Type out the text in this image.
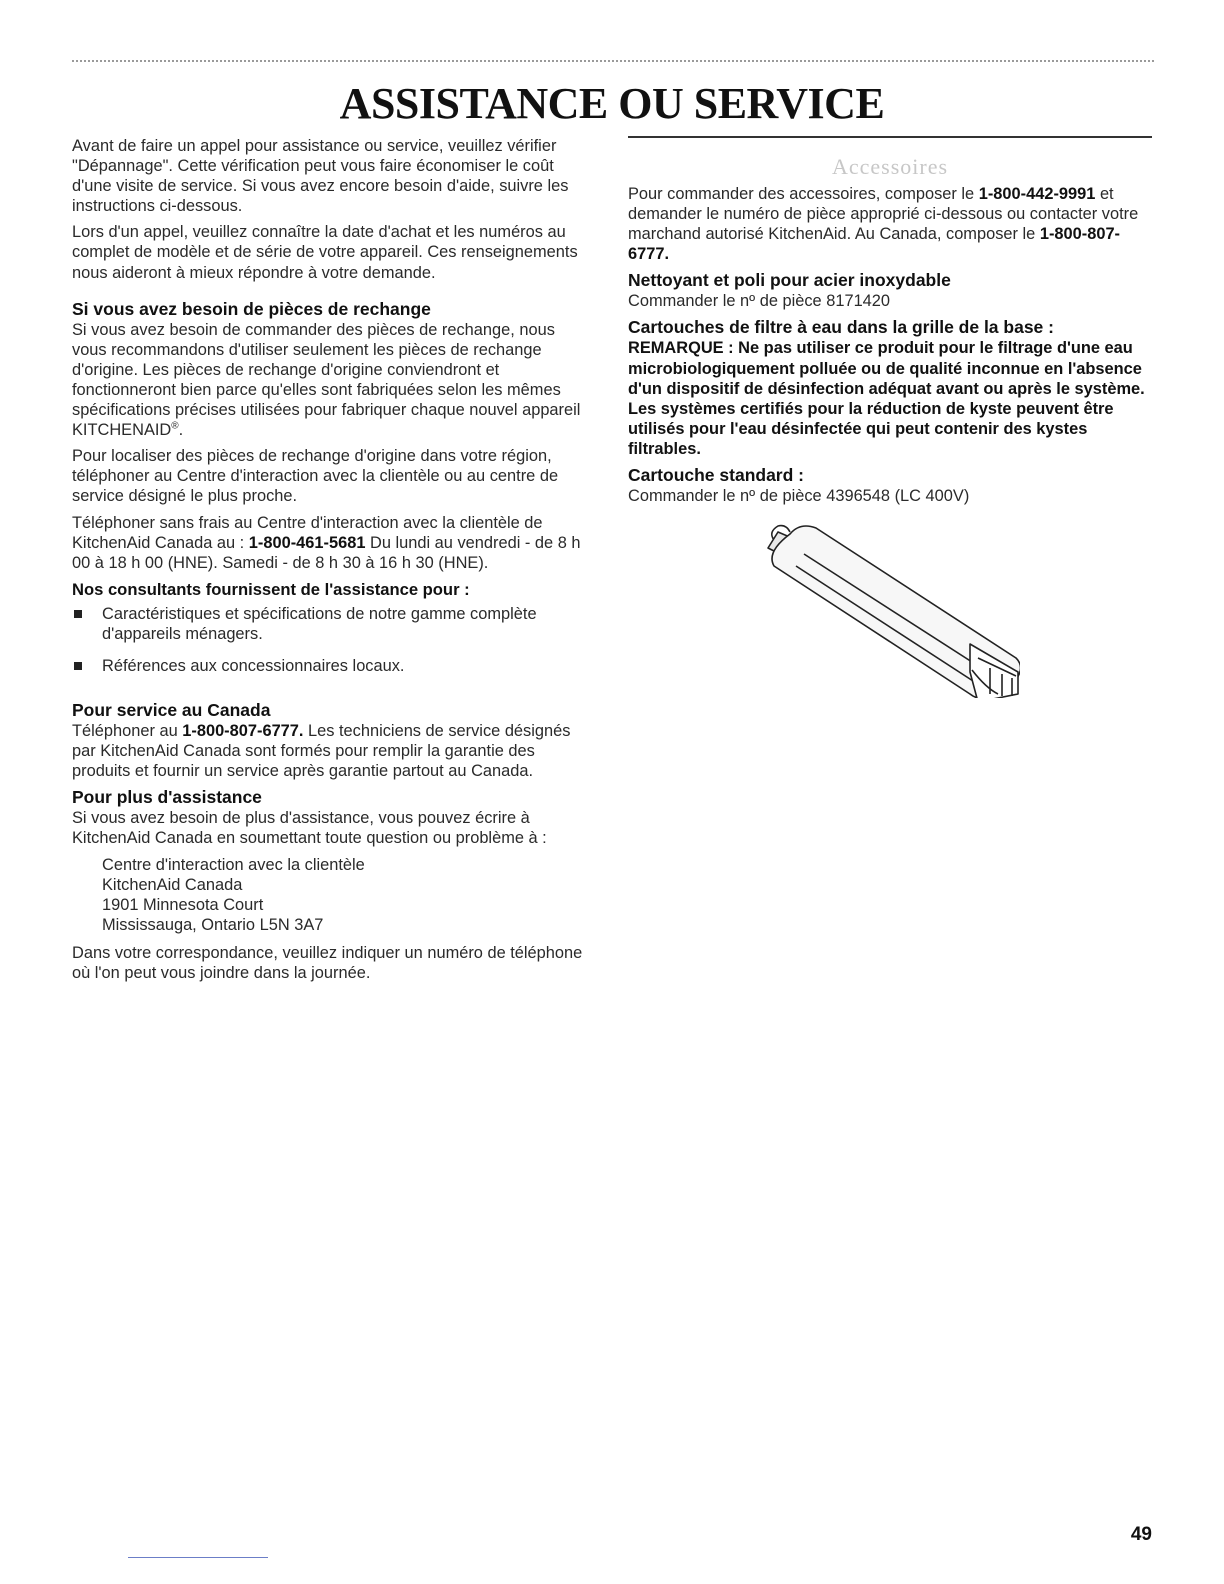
ASSISTANCE OU SERVICE

Avant de faire un appel pour assistance ou service, veuillez vérifier "Dépannage". Cette vérification peut vous faire économiser le coût d'une visite de service. Si vous avez encore besoin d'aide, suivre les instructions ci-dessous.

Lors d'un appel, veuillez connaître la date d'achat et les numéros au complet de modèle et de série de votre appareil. Ces renseignements nous aideront à mieux répondre à votre demande.

Si vous avez besoin de pièces de rechange

Si vous avez besoin de commander des pièces de rechange, nous vous recommandons d'utiliser seulement les pièces de rechange d'origine. Les pièces de rechange d'origine conviendront et fonctionneront bien parce qu'elles sont fabriquées selon les mêmes spécifications précises utilisées pour fabriquer chaque nouvel appareil KITCHENAID®.

Pour localiser des pièces de rechange d'origine dans votre région, téléphoner au Centre d'interaction avec la clientèle ou au centre de service désigné le plus proche.

Téléphoner sans frais au Centre d'interaction avec la clientèle de KitchenAid Canada au : 1-800-461-5681 Du lundi au vendredi - de 8 h 00 à 18 h 00 (HNE). Samedi - de 8 h 30 à 16 h 30 (HNE).

Nos consultants fournissent de l'assistance pour :
Caractéristiques et spécifications de notre gamme complète d'appareils ménagers.
Références aux concessionnaires locaux.
Pour service au Canada

Téléphoner au 1-800-807-6777. Les techniciens de service désignés par KitchenAid Canada sont formés pour remplir la garantie des produits et fournir un service après garantie partout au Canada.

Pour plus d'assistance

Si vous avez besoin de plus d'assistance, vous pouvez écrire à KitchenAid Canada en soumettant toute question ou problème à :

Centre d'interaction avec la clientèle
KitchenAid Canada
1901 Minnesota Court
Mississauga, Ontario L5N 3A7

Dans votre correspondance, veuillez indiquer un numéro de téléphone où l'on peut vous joindre dans la journée.

Accessoires

Pour commander des accessoires, composer le 1-800-442-9991 et demander le numéro de pièce approprié ci-dessous ou contacter votre marchand autorisé KitchenAid. Au Canada, composer le 1-800-807-6777.

Nettoyant et poli pour acier inoxydable

Commander le nº de pièce 8171420

Cartouches de filtre à eau dans la grille de la base :

REMARQUE : Ne pas utiliser ce produit pour le filtrage d'une eau microbiologiquement polluée ou de qualité inconnue en l'absence d'un dispositif de désinfection adéquat avant ou après le système. Les systèmes certifiés pour la réduction de kyste peuvent être utilisés pour l'eau désinfectée qui peut contenir des kystes filtrables.

Cartouche standard :

Commander le nº de pièce 4396548 (LC 400V)

49
